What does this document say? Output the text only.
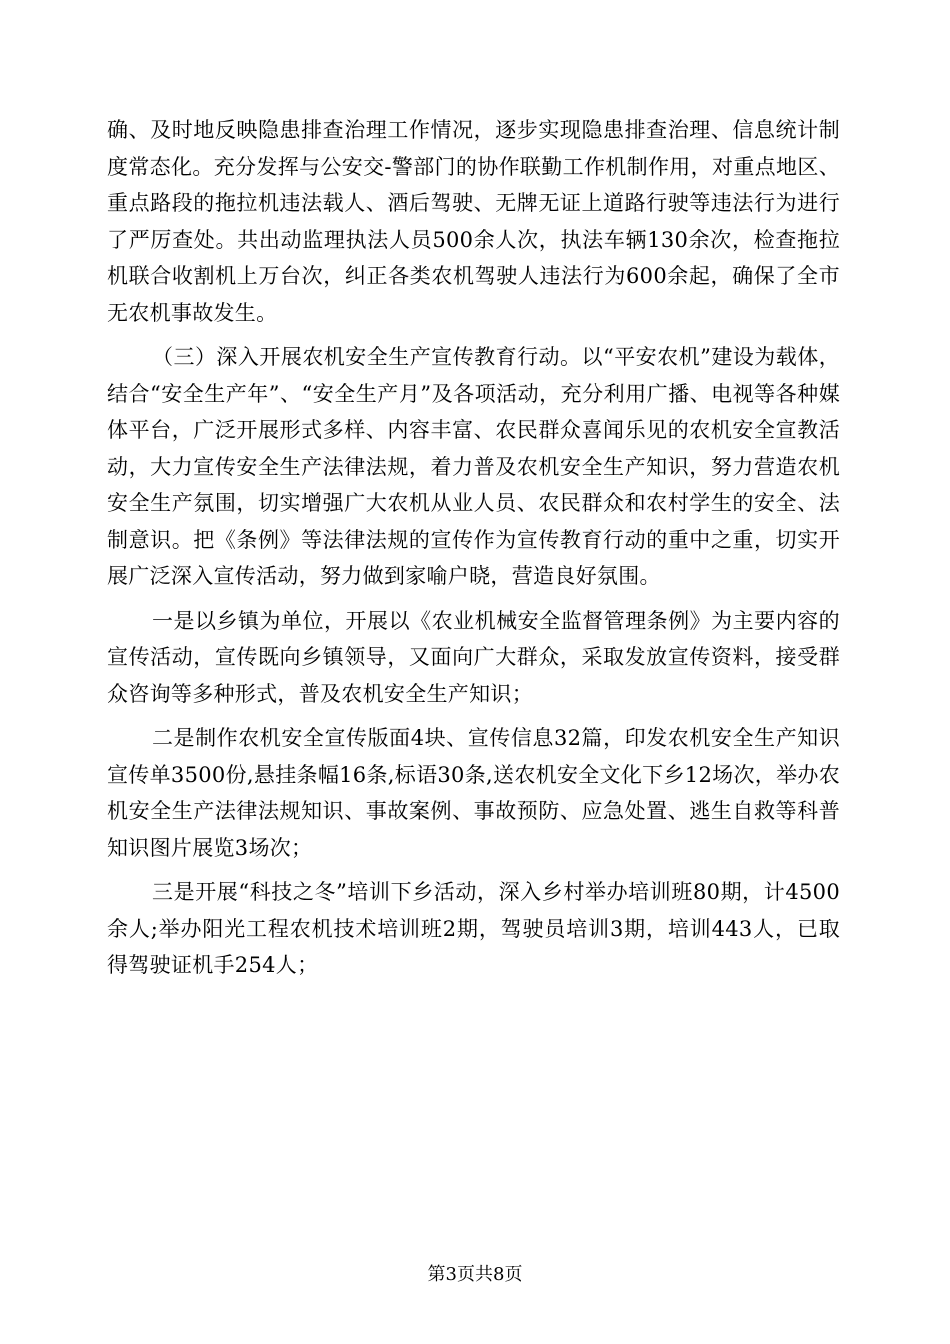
确、及时地反映隐患排查治理工作情况，逐步实现隐患排查治理、信息统计制度常态化。充分发挥与公安交-警部门的协作联勤工作机制作用，对重点地区、重点路段的拖拉机违法载人、酒后驾驶、无牌无证上道路行驶等违法行为进行了严厉查处。共出动监理执法人员500余人次，执法车辆130余次，检查拖拉机联合收割机上万台次，纠正各类农机驾驶人违法行为600余起，确保了全市无农机事故发生。

（三）深入开展农机安全生产宣传教育行动。以“平安农机”建设为载体，结合“安全生产年”、“安全生产月”及各项活动，充分利用广播、电视等各种媒体平台，广泛开展形式多样、内容丰富、农民群众喜闻乐见的农机安全宣教活动，大力宣传安全生产法律法规，着力普及农机安全生产知识，努力营造农机安全生产氛围，切实增强广大农机从业人员、农民群众和农村学生的安全、法制意识。把《条例》等法律法规的宣传作为宣传教育行动的重中之重，切实开展广泛深入宣传活动，努力做到家喻户晓，营造良好氛围。

一是以乡镇为单位，开展以《农业机械安全监督管理条例》为主要内容的宣传活动，宣传既向乡镇领导，又面向广大群众，采取发放宣传资料，接受群众咨询等多种形式，普及农机安全生产知识；

二是制作农机安全宣传版面4块、宣传信息32篇，印发农机安全生产知识宣传单3500份,悬挂条幅16条,标语30条,送农机安全文化下乡12场次，举办农机安全生产法律法规知识、事故案例、事故预防、应急处置、逃生自救等科普知识图片展览3场次；

三是开展“科技之冬”培训下乡活动，深入乡村举办培训班80期，计4500余人;举办阳光工程农机技术培训班2期，驾驶员培训3期，培训443人，已取得驾驶证机手254人；

第3页共8页
